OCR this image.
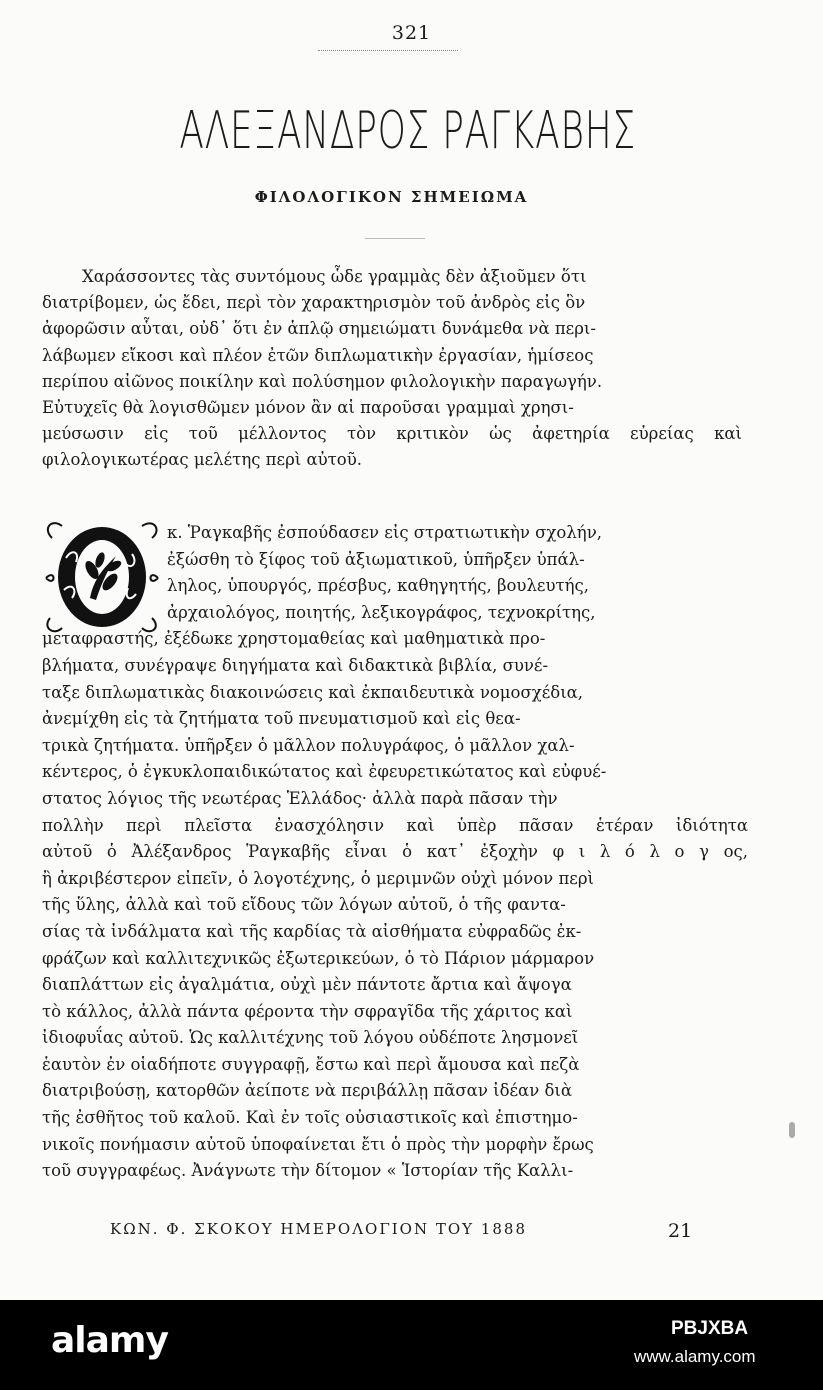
321
ΑΛΕΞΑΝΔΡΟΣ ΡΑΓΚΑΒΗΣ
ΦΙΛΟΛΟΓΙΚΟΝ ΣΗΜΕΙΩΜΑ
Χαράσσοντες τὰς συντόμους ὧδε γραμμὰς δὲν ἀξιοῦμεν ὅτι
διατρίβομεν, ὡς ἔδει, περὶ τὸν χαρακτηρισμὸν τοῦ ἀνδρὸς εἰς ὃν
ἀφορῶσιν αὗται, οὐδ᾽ ὅτι ἐν ἁπλῷ σημειώματι δυνάμεθα νὰ περι-
λάβωμεν εἴκοσι καὶ πλέον ἐτῶν διπλωματικὴν ἐργασίαν, ἡμίσεος
περίπου αἰῶνος ποικίλην καὶ πολύσημον φιλολογικὴν παραγωγήν.
Εὐτυχεῖς θὰ λογισθῶμεν μόνον ἂν αἱ παροῦσαι γραμμαὶ χρησι-
μεύσωσιν εἰς τοῦ μέλλοντος τὸν κριτικὸν ὡς ἀφετηρία εὐρείας καὶ
φιλολογικωτέρας μελέτης περὶ αὐτοῦ.
κ. Ῥαγκαβῆς ἐσπούδασεν εἰς στρατιωτικὴν σχολήν,
ἐξώσθη τὸ ξίφος τοῦ ἀξιωματικοῦ, ὑπῆρξεν ὑπάλ-
ληλος, ὑπουργός, πρέσβυς, καθηγητής, βουλευτής,
ἀρχαιολόγος, ποιητής, λεξικογράφος, τεχνοκρίτης,
μεταφραστής, ἐξέδωκε χρηστομαθείας καὶ μαθηματικὰ προ-
βλήματα, συνέγραψε διηγήματα καὶ διδακτικὰ βιβλία, συνέ-
ταξε διπλωματικὰς διακοινώσεις καὶ ἐκπαιδευτικὰ νομοσχέδια,
ἀνεμίχθη εἰς τὰ ζητήματα τοῦ πνευματισμοῦ καὶ εἰς θεα-
τρικὰ ζητήματα. ὑπῆρξεν ὁ μᾶλλον πολυγράφος, ὁ μᾶλλον χαλ-
κέντερος, ὁ ἐγκυκλοπαιδικώτατος καὶ ἐφευρετικώτατος καὶ εὐφυέ-
στατος λόγιος τῆς νεωτέρας Ἑλλάδος· ἀλλὰ παρὰ πᾶσαν τὴν
πολλὴν περὶ πλεῖστα ἐνασχόλησιν καὶ ὑπὲρ πᾶσαν ἑτέραν ἰδιότητα
αὐτοῦ ὁ Ἀλέξανδρος Ῥαγκαβῆς εἶναι ὁ κατ᾽ ἐξοχὴν φ ι λ ό λ ο γ ος,
ἢ ἀκριβέστερον εἰπεῖν, ὁ λογοτέχνης, ὁ μεριμνῶν οὐχὶ μόνον περὶ
τῆς ὕλης, ἀλλὰ καὶ τοῦ εἴδους τῶν λόγων αὐτοῦ, ὁ τῆς φαντα-
σίας τὰ ἰνδάλματα καὶ τῆς καρδίας τὰ αἰσθήματα εὐφραδῶς ἐκ-
φράζων καὶ καλλιτεχνικῶς ἐξωτερικεύων, ὁ τὸ Πάριον μάρμαρον
διαπλάττων εἰς ἀγαλμάτια, οὐχὶ μὲν πάντοτε ἄρτια καὶ ἄψογα
τὸ κάλλος, ἀλλὰ πάντα φέροντα τὴν σφραγῖδα τῆς χάριτος καὶ
ἰδιοφυΐας αὐτοῦ. Ὡς καλλιτέχνης τοῦ λόγου οὐδέποτε λησμονεῖ
ἑαυτὸν ἐν οἱαδήποτε συγγραφῇ, ἔστω καὶ περὶ ἄμουσα καὶ πεζὰ
διατριβούσῃ, κατορθῶν ἀείποτε νὰ περιβάλλῃ πᾶσαν ἰδέαν διὰ
τῆς ἐσθῆτος τοῦ καλοῦ. Καὶ ἐν τοῖς οὐσιαστικοῖς καὶ ἐπιστημο-
νικοῖς πονήμασιν αὐτοῦ ὑποφαίνεται ἔτι ὁ πρὸς τὴν μορφὴν ἔρως
τοῦ συγγραφέως. Ἀνάγνωτε τὴν δίτομον « Ἱστορίαν τῆς Καλλι-
ΚΩΝ. Φ. ΣΚΟΚΟΥ ΗΜΕΡΟΛΟΓΙΟΝ ΤΟΥ 1888	21
alamy	PBJXBA
www.alamy.com
